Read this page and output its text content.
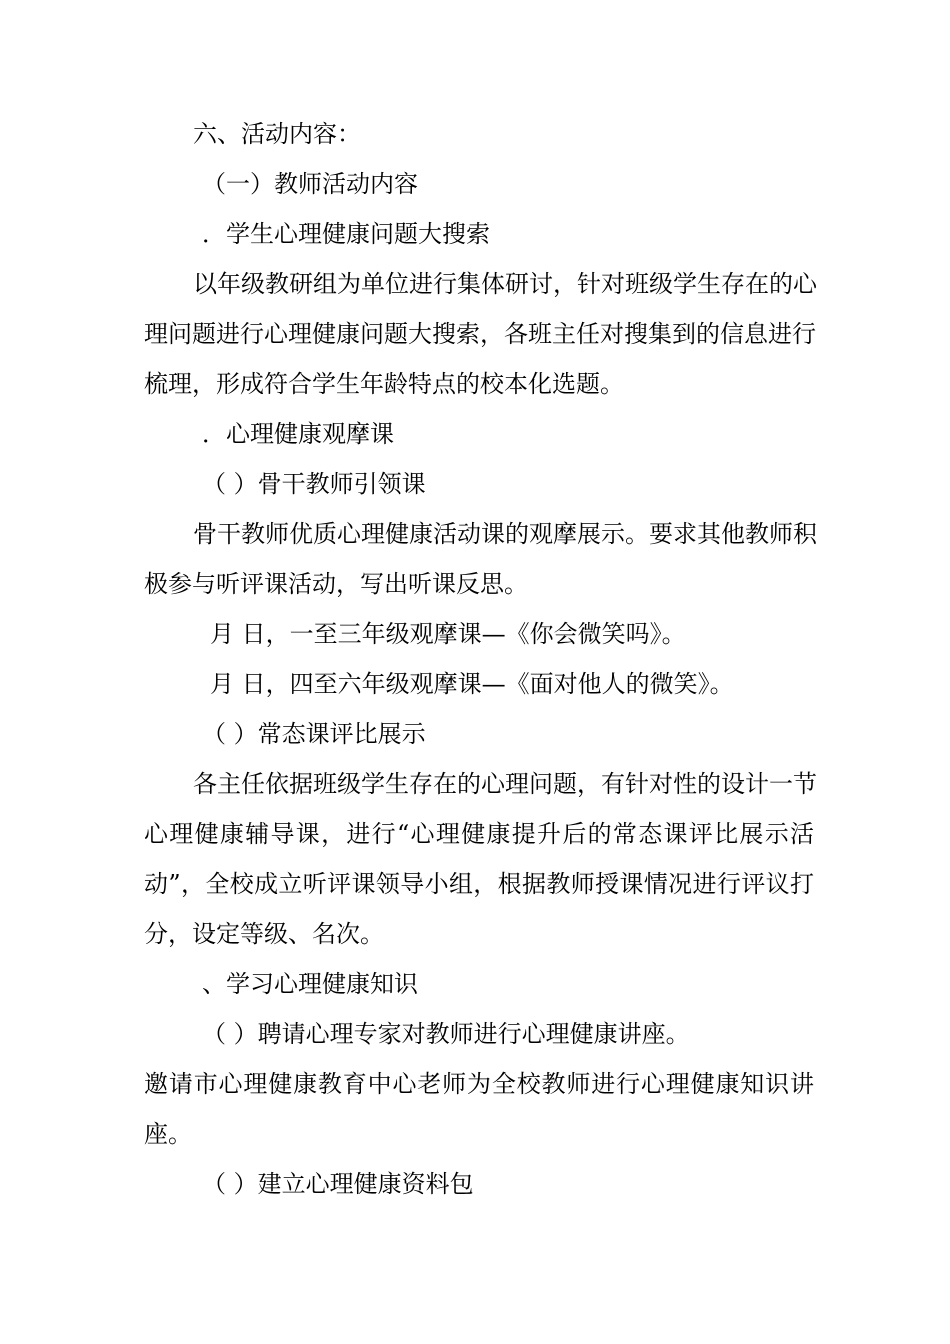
六、活动内容：
（一）教师活动内容
．学生心理健康问题大搜索
以年级教研组为单位进行集体研讨，针对班级学生存在的心
理问题进行心理健康问题大搜索，各班主任对搜集到的信息进行
梳理，形成符合学生年龄特点的校本化选题。
．心理健康观摩课
（ ）骨干教师引领课
骨干教师优质心理健康活动课的观摩展示。要求其他教师积
极参与听评课活动，写出听课反思。
月 日，一至三年级观摩课—《你会微笑吗》。
月 日，四至六年级观摩课—《面对他人的微笑》。
（ ）常态课评比展示
各主任依据班级学生存在的心理问题，有针对性的设计一节
心理健康辅导课，进行“心理健康提升后的常态课评比展示活
动”，全校成立听评课领导小组，根据教师授课情况进行评议打
分，设定等级、名次。
、学习心理健康知识
（ ）聘请心理专家对教师进行心理健康讲座。
邀请市心理健康教育中心老师为全校教师进行心理健康知识讲
座。
（ ）建立心理健康资料包
